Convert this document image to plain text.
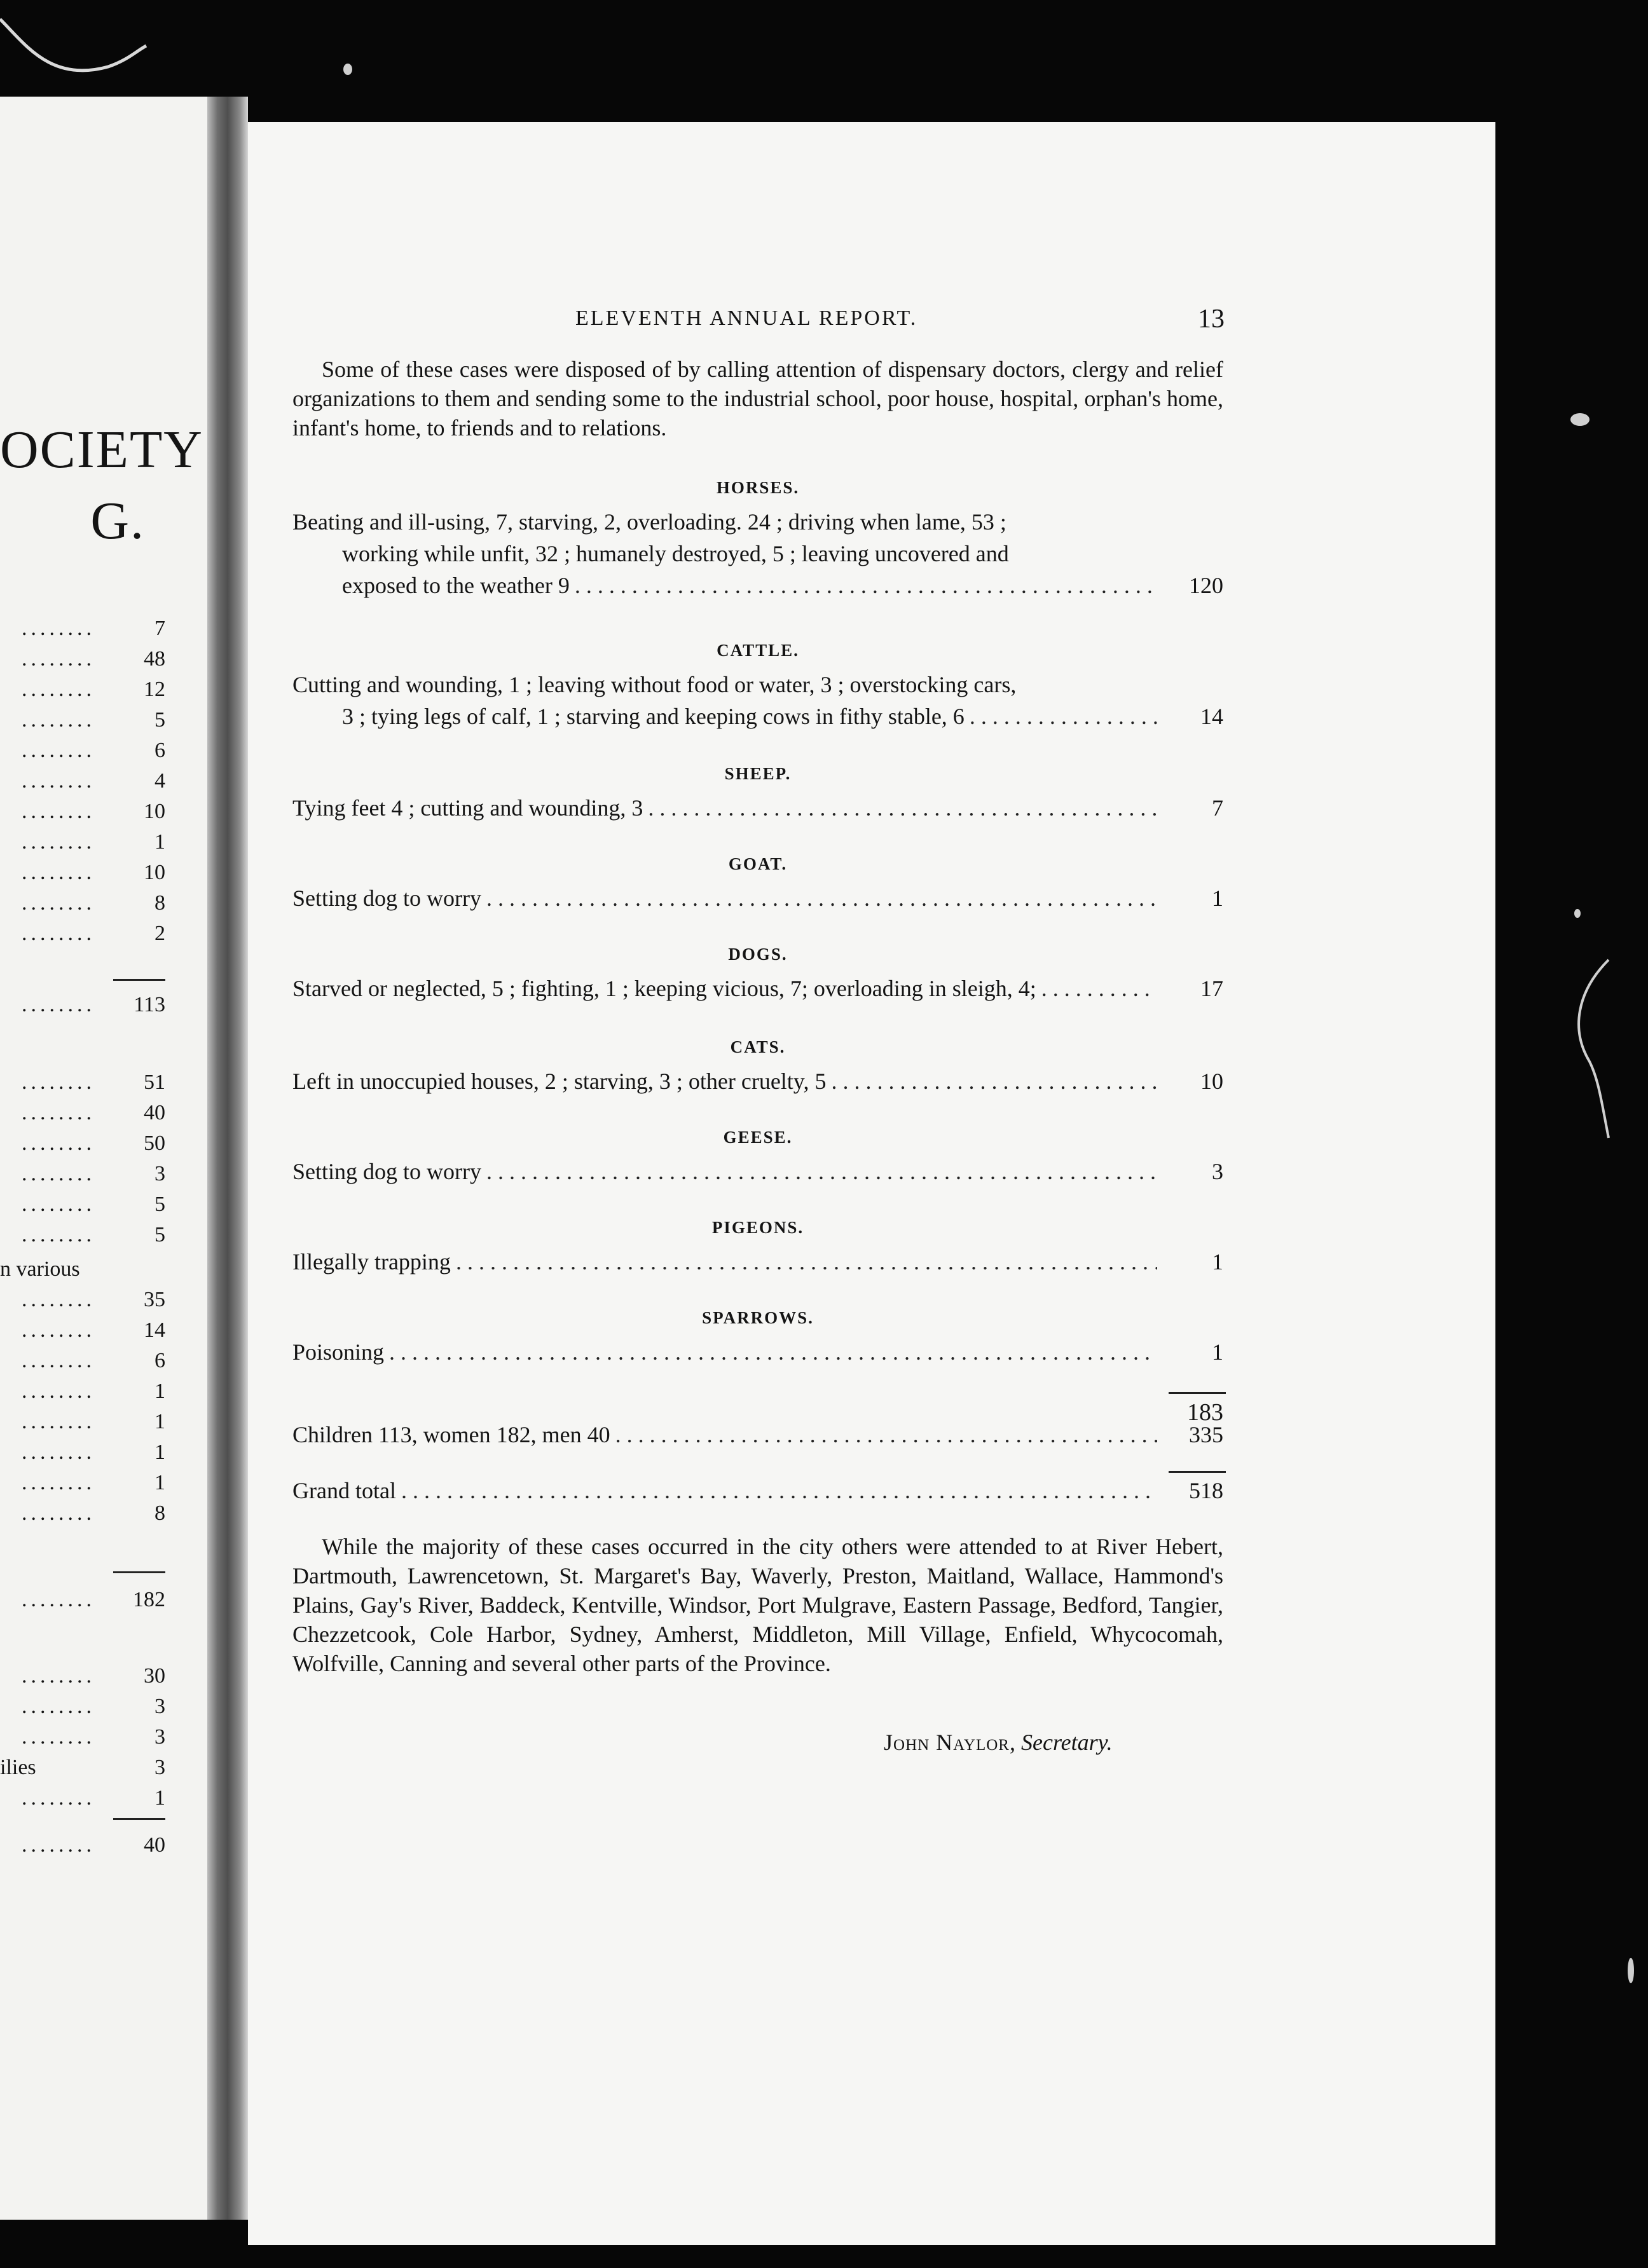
OCIETY
G.
........	7
........	48
........	12
........	5
........	6
........	4
........	10
........	1
........	10
........	8
........	2
........	113
........	51
........	40
........	50
........	3
........	5
........	5
n various
........	35
........	14
........	6
........	1
........	1
........	1
........	1
........	8
........	182
........	30
........	3
........	3
ilies	3
........	1
........	40
ELEVENTH ANNUAL REPORT.	13
Some of these cases were disposed of by calling attention of dispensary doctors, clergy and relief organizations to them and sending some to the industrial school, poor house, hospital, orphan's home, infant's home, to friends and to relations.
HORSES.
Beating and ill-using, 7, starving, 2, overloading. 24 ; driving when lame, 53 ;
working while unfit, 32 ; humanely destroyed, 5 ; leaving uncovered and
exposed to the weather 9 . . .	120
CATTLE.
Cutting and wounding, 1 ; leaving without food or water, 3 ; overstocking cars,
3 ; tying legs of calf, 1 ; starving and keeping cows in fithy stable, 6 . . .	14
SHEEP.
Tying feet 4 ; cutting and wounding, 3 . . .	7
GOAT.
Setting dog to worry . . .	1
DOGS.
Starved or neglected, 5 ; fighting, 1 ; keeping vicious, 7; overloading in sleigh, 4; . . .	17
CATS.
Left in unoccupied houses, 2 ; starving, 3 ; other cruelty, 5 . . .	10
GEESE.
Setting dog to worry . . .	3
PIGEONS.
Illegally trapping . . .	1
SPARROWS.
Poisoning . . .	1
183
Children 113, women 182, men 40 . . .	335
Grand total . . .	518
While the majority of these cases occurred in the city others were attended to at River Hebert, Dartmouth, Lawrencetown, St. Margaret's Bay, Waverly, Preston, Maitland, Wallace, Hammond's Plains, Gay's River, Baddeck, Kentville, Windsor, Port Mulgrave, Eastern Passage, Bedford, Tangier, Chezzetcook, Cole Harbor, Sydney, Amherst, Middleton, Mill Village, Enfield, Whycocomah, Wolfville, Canning and several other parts of the Province.
John Naylor, Secretary.
